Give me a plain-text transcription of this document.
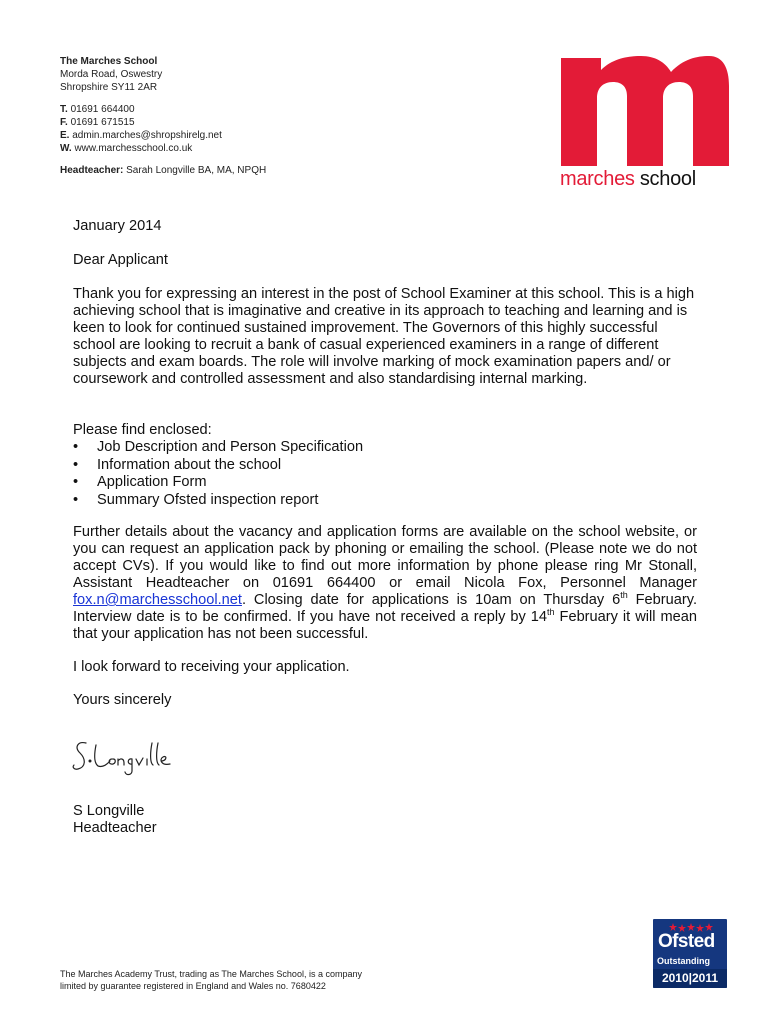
The Marches School
Morda Road, Oswestry
Shropshire SY11 2AR
T. 01691 664400
F. 01691 671515
E. admin.marches@shropshirelg.net
W. www.marchesschool.co.uk
Headteacher: Sarah Longville BA, MA, NPQH	marches school
January 2014
Dear Applicant
Thank you for expressing an interest in the post of School Examiner at this school. This is a high achieving school that is imaginative and creative in its approach to teaching and learning and is keen to look for continued sustained improvement. The Governors of this highly successful school are looking to recruit a bank of casual experienced examiners in a range of different subjects and exam boards. The role will involve marking of mock examination papers and/ or coursework and controlled assessment and also standardising internal marking.
Please find enclosed:
• Job Description and Person Specification
• Information about the school
• Application Form
• Summary Ofsted inspection report
Further details about the vacancy and application forms are available on the school website, or you can request an application pack by phoning or emailing the school. (Please note we do not accept CVs). If you would like to find out more information by phone please ring Mr Stonall, Assistant Headteacher on 01691 664400 or email Nicola Fox, Personnel Manager fox.n@marchesschool.net. Closing date for applications is 10am on Thursday 6th February. Interview date is to be confirmed. If you have not received a reply by 14th February it will mean that your application has not been successful.
I look forward to receiving your application.
Yours sincerely
S Longville
Headteacher
The Marches Academy Trust, trading as The Marches School, is a company
limited by guarantee registered in England and Wales no. 7680422
Ofsted
Outstanding
2010|2011
